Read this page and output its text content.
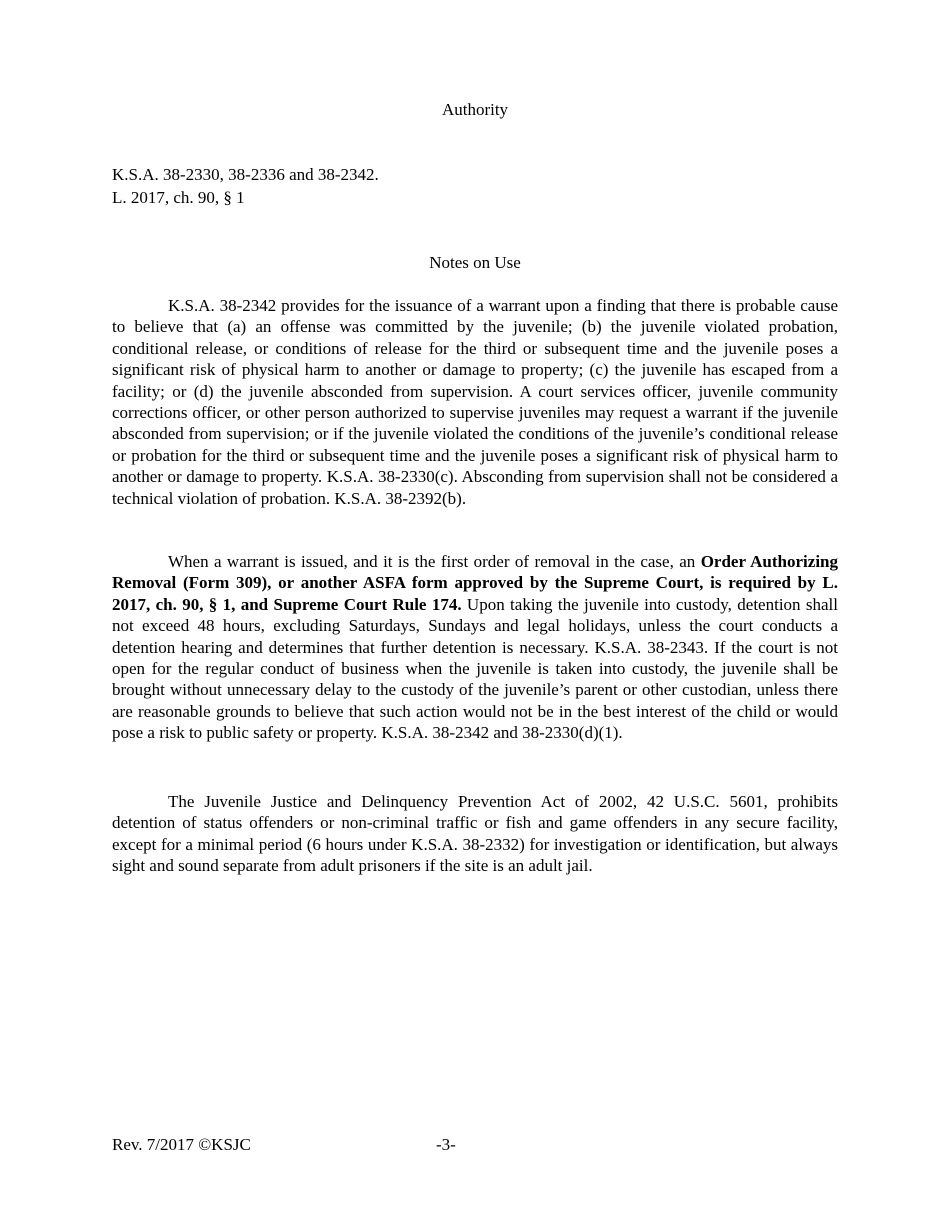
Authority
K.S.A. 38-2330, 38-2336 and 38-2342.
L. 2017, ch. 90, § 1
Notes on Use

K.S.A. 38-2342 provides for the issuance of a warrant upon a finding that there is probable cause to believe that (a) an offense was committed by the juvenile; (b) the juvenile violated probation, conditional release, or conditions of release for the third or subsequent time and the juvenile poses a significant risk of physical harm to another or damage to property; (c) the juvenile has escaped from a facility; or (d) the juvenile absconded from supervision. A court services officer, juvenile community corrections officer, or other person authorized to supervise juveniles may request a warrant if the juvenile absconded from supervision; or if the juvenile violated the conditions of the juvenile’s conditional release or probation for the third or subsequent time and the juvenile poses a significant risk of physical harm to another or damage to property. K.S.A. 38-2330(c). Absconding from supervision shall not be considered a technical violation of probation. K.S.A. 38-2392(b).

When a warrant is issued, and it is the first order of removal in the case, an Order Authorizing Removal (Form 309), or another ASFA form approved by the Supreme Court, is required by L. 2017, ch. 90, § 1, and Supreme Court Rule 174. Upon taking the juvenile into custody, detention shall not exceed 48 hours, excluding Saturdays, Sundays and legal holidays, unless the court conducts a detention hearing and determines that further detention is necessary. K.S.A. 38-2343. If the court is not open for the regular conduct of business when the juvenile is taken into custody, the juvenile shall be brought without unnecessary delay to the custody of the juvenile’s parent or other custodian, unless there are reasonable grounds to believe that such action would not be in the best interest of the child or would pose a risk to public safety or property. K.S.A. 38-2342 and 38-2330(d)(1).

The Juvenile Justice and Delinquency Prevention Act of 2002, 42 U.S.C. 5601, prohibits detention of status offenders or non-criminal traffic or fish and game offenders in any secure facility, except for a minimal period (6 hours under K.S.A. 38-2332) for investigation or identification, but always sight and sound separate from adult prisoners if the site is an adult jail.

Rev. 7/2017 ©KSJC	-3-
